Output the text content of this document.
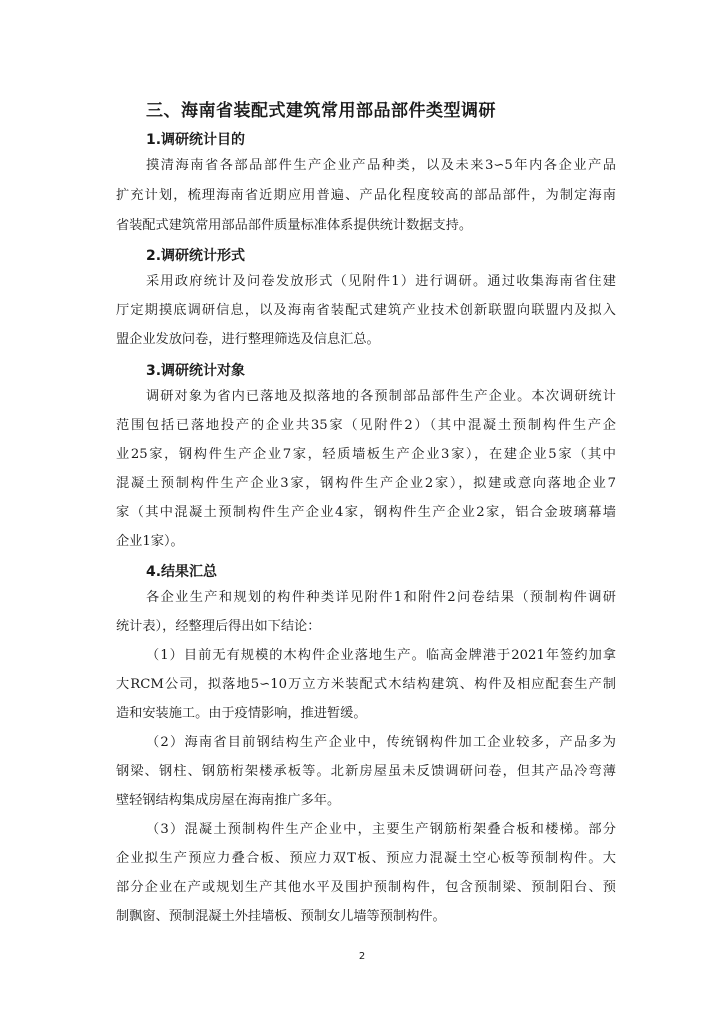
三、海南省装配式建筑常用部品部件类型调研
1.调研统计目的
摸清海南省各部品部件生产企业产品种类，以及未来3∽5年内各企业产品
扩充计划，梳理海南省近期应用普遍、产品化程度较高的部品部件，为制定海南
省装配式建筑常用部品部件质量标准体系提供统计数据支持。
2.调研统计形式
采用政府统计及问卷发放形式（见附件1）进行调研。通过收集海南省住建
厅定期摸底调研信息，以及海南省装配式建筑产业技术创新联盟向联盟内及拟入
盟企业发放问卷，进行整理筛选及信息汇总。
3.调研统计对象
调研对象为省内已落地及拟落地的各预制部品部件生产企业。本次调研统计
范围包括已落地投产的企业共35家（见附件2）（其中混凝土预制构件生产企
业25家，钢构件生产企业7家，轻质墙板生产企业3家），在建企业5家（其中
混凝土预制构件生产企业3家，钢构件生产企业2家），拟建或意向落地企业7
家（其中混凝土预制构件生产企业4家，钢构件生产企业2家，铝合金玻璃幕墙
企业1家）。
4.结果汇总
各企业生产和规划的构件种类详见附件1和附件2问卷结果（预制构件调研
统计表），经整理后得出如下结论：
（1）目前无有规模的木构件企业落地生产。临高金牌港于2021年签约加拿
大RCM公司，拟落地5∽10万立方米装配式木结构建筑、构件及相应配套生产制
造和安装施工。由于疫情影响，推进暂缓。
（2）海南省目前钢结构生产企业中，传统钢构件加工企业较多，产品多为
钢梁、钢柱、钢筋桁架楼承板等。北新房屋虽未反馈调研问卷，但其产品冷弯薄
壁轻钢结构集成房屋在海南推广多年。
（3）混凝土预制构件生产企业中，主要生产钢筋桁架叠合板和楼梯。部分
企业拟生产预应力叠合板、预应力双T板、预应力混凝土空心板等预制构件。大
部分企业在产或规划生产其他水平及围护预制构件，包含预制梁、预制阳台、预
制飘窗、预制混凝土外挂墙板、预制女儿墙等预制构件。
2
